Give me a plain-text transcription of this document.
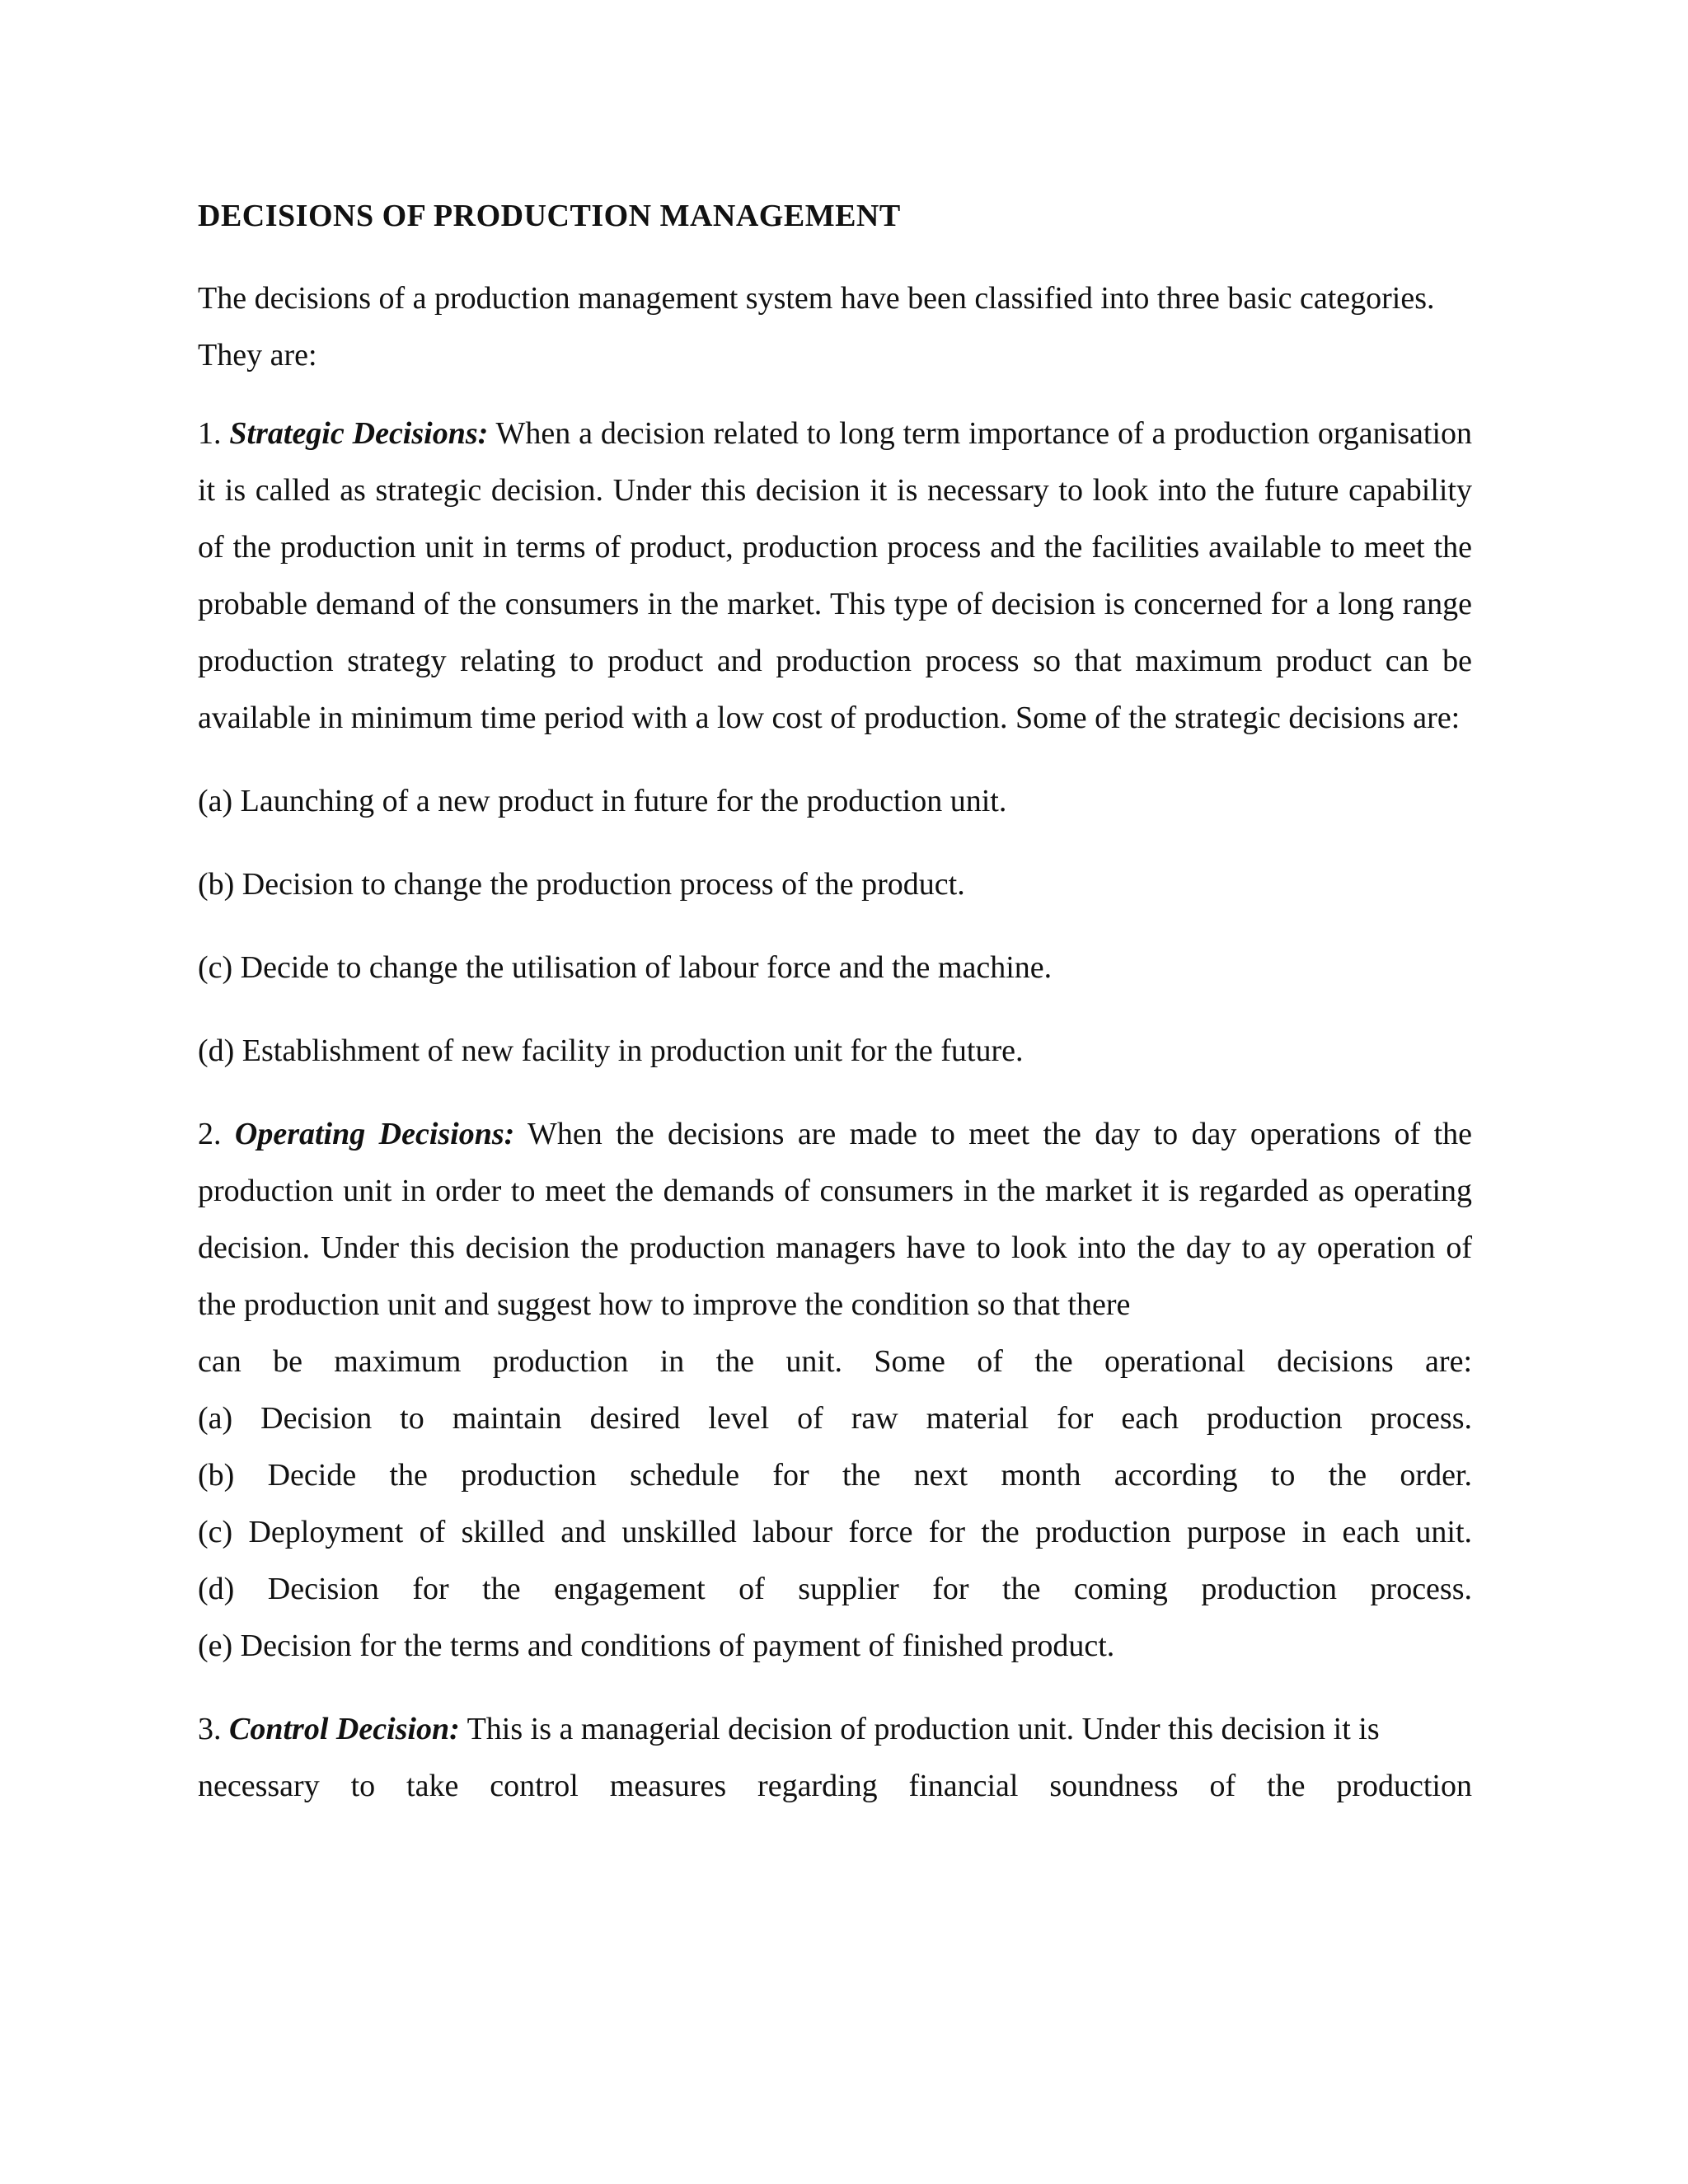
DECISIONS OF PRODUCTION MANAGEMENT

The decisions of a production management system have been classified into three basic categories.
They are:

1. Strategic Decisions: When a decision related to long term importance of a production organisation it is called as strategic decision. Under this decision it is necessary to look into the future capability of the production unit in terms of product, production process and the facilities available to meet the probable demand of the consumers in the market. This type of decision is concerned for a long range production strategy relating to product and production process so that maximum product can be available in minimum time period with a low cost of production. Some of the strategic decisions are:

(a) Launching of a new product in future for the production unit.

(b) Decision to change the production process of the product.

(c) Decide to change the utilisation of labour force and the machine.

(d) Establishment of new facility in production unit for the future.

2. Operating Decisions: When the decisions are made to meet the day to day operations of the production unit in order to meet the demands of consumers in the market it is regarded as operating decision. Under this decision the production managers have to look into the day to ay operation of the production unit and suggest how to improve the condition so that there
can be maximum production in the unit. Some of the operational decisions are:

(a) Decision to maintain desired level of raw material for each production process.
(b) Decide the production schedule for the next month according to the order.
(c) Deployment of skilled and unskilled labour force for the production purpose in each unit.
(d) Decision for the engagement of supplier for the coming production process.
(e) Decision for the terms and conditions of payment of finished product.

3. Control Decision: This is a managerial decision of production unit. Under this decision it is

necessary to take control measures regarding financial soundness of the production
